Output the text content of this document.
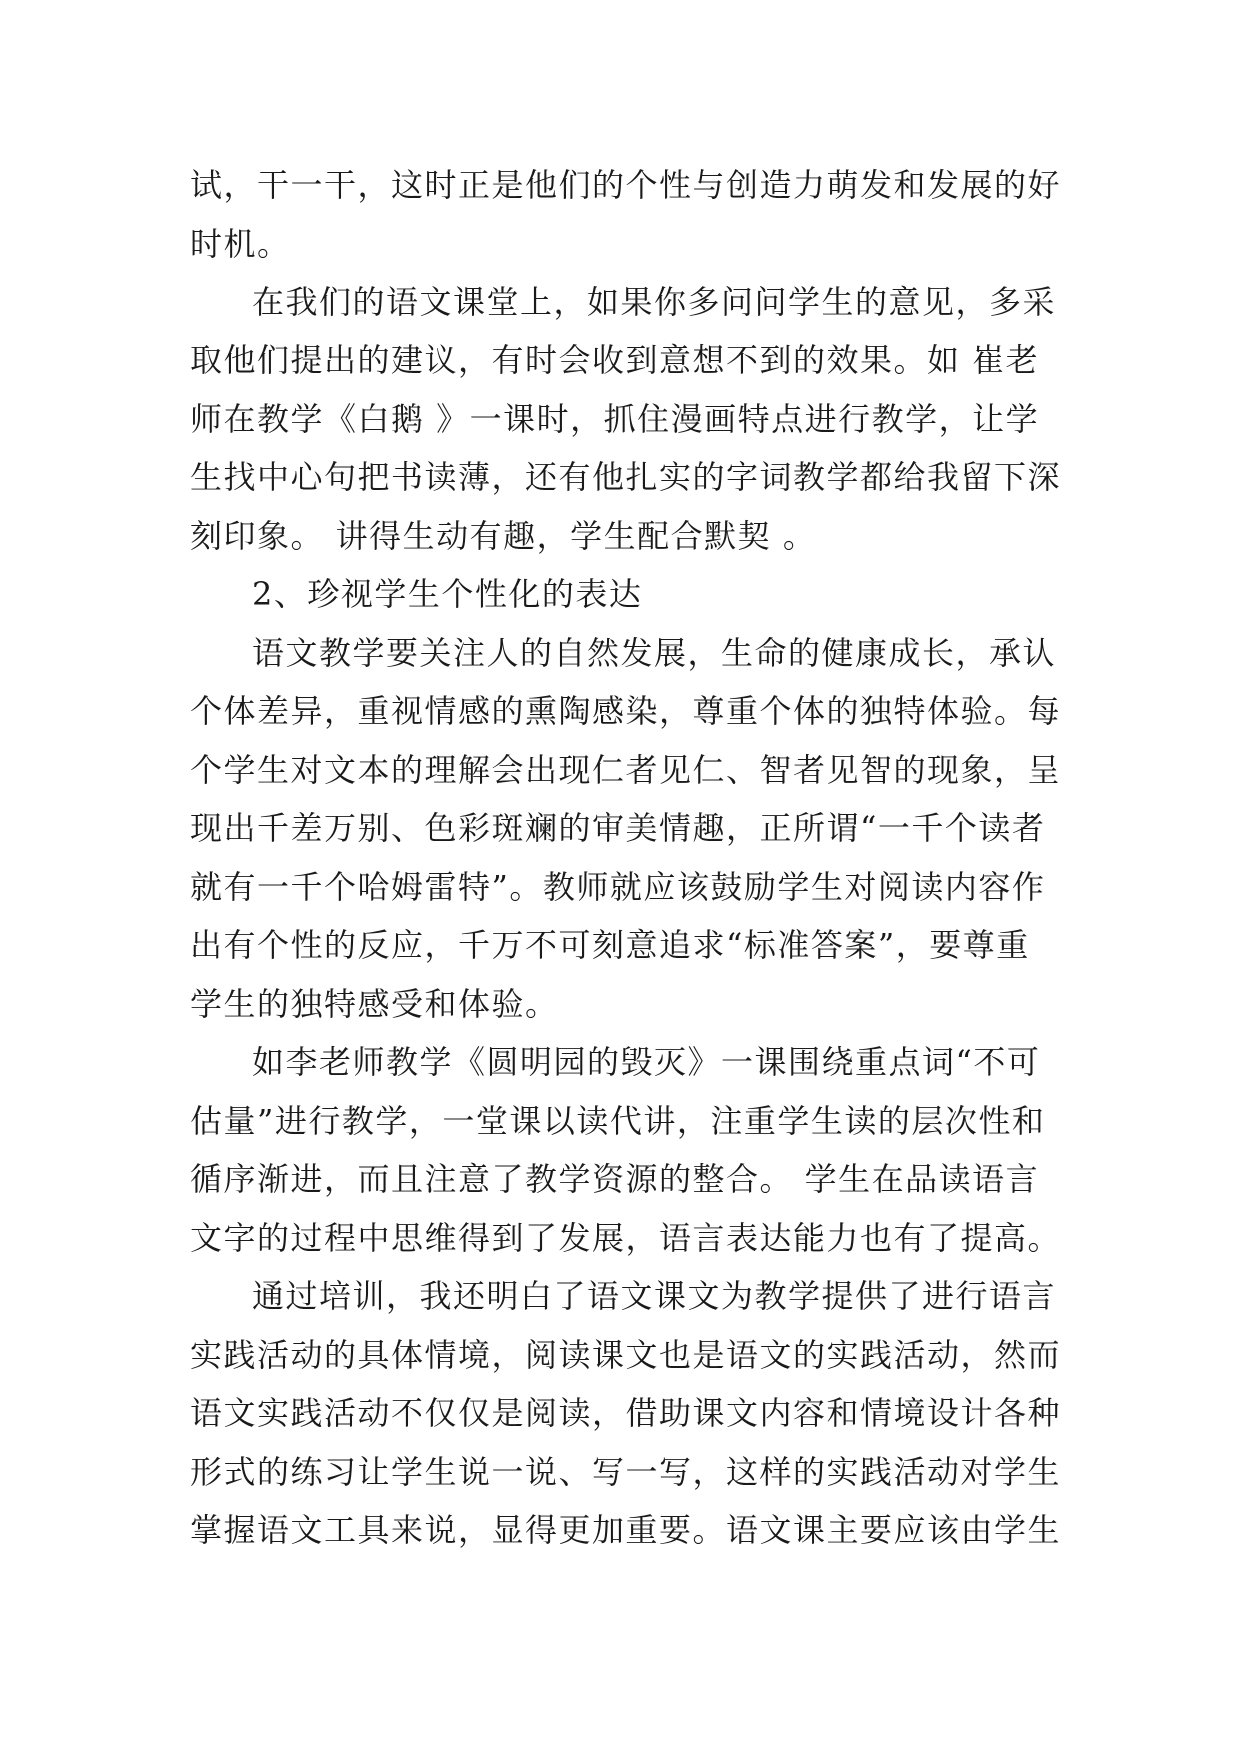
试，干一干，这时正是他们的个性与创造力萌发和发展的好
时机。
在我们的语文课堂上，如果你多问问学生的意见，多采
取他们提出的建议，有时会收到意想不到的效果。如 崔老
师在教学《白鹅 》一课时，抓住漫画特点进行教学，让学
生找中心句把书读薄，还有他扎实的字词教学都给我留下深
刻印象。 讲得生动有趣，学生配合默契 。
2、珍视学生个性化的表达
语文教学要关注人的自然发展，生命的健康成长，承认
个体差异，重视情感的熏陶感染，尊重个体的独特体验。每
个学生对文本的理解会出现仁者见仁、智者见智的现象，呈
现出千差万别、色彩斑斓的审美情趣，正所谓“一千个读者
就有一千个哈姆雷特”。教师就应该鼓励学生对阅读内容作
出有个性的反应，千万不可刻意追求“标准答案”，要尊重
学生的独特感受和体验。
如李老师教学《圆明园的毁灭》一课围绕重点词“不可
估量”进行教学，一堂课以读代讲，注重学生读的层次性和
循序渐进，而且注意了教学资源的整合。 学生在品读语言
文字的过程中思维得到了发展，语言表达能力也有了提高。
通过培训，我还明白了语文课文为教学提供了进行语言
实践活动的具体情境，阅读课文也是语文的实践活动，然而
语文实践活动不仅仅是阅读，借助课文内容和情境设计各种
形式的练习让学生说一说、写一写，这样的实践活动对学生
掌握语文工具来说，显得更加重要。语文课主要应该由学生
